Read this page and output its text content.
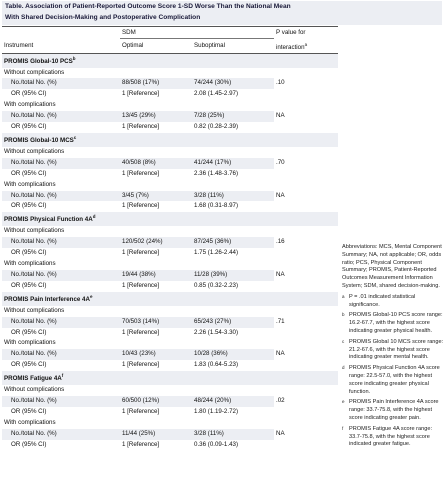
Table. Association of Patient-Reported Outcome Score 1-SD Worse Than the National Mean
With Shared Decision-Making and Postoperative Complication
	SDM		P value for
Instrument	Optimal	Suboptimal	interaction$^a$
PROMIS Global-10 PCS$^b$
Without complications			.10
No./total No. (%)	88/508 (17%)	74/244 (30%)	
OR (95% CI)	1 [Reference]	2.08 (1.45-2.97)	
With complications			NA
No./total No. (%)	13/45 (29%)	7/28 (25%)	
OR (95% CI)	1 [Reference]	0.82 (0.28-2.39)	
PROMIS Global-10 MCS$^c$
Without complications			.70
No./total No. (%)	40/508 (8%)	41/244 (17%)	
OR (95% CI)	1 [Reference]	2.36 (1.48-3.76)	
With complications			NA
No./total No. (%)	3/45 (7%)	3/28 (11%)	
OR (95% CI)	1 [Reference]	1.68 (0.31-8.97)	
PROMIS Physical Function $4A^d$
Without complications			.16
No./total No. (%)	120/502 (24%)	87/245 (36%)	
OR (95% CI)	1 [Reference]	1.75 (1.26-2.44)	
With complications			NA
No./total No. (%)	19/44 (38%)	11/28 (39%)	
OR (95% CI)	1 [Reference]	0.85 (0.32-2.23)	
PROMIS Pain Interference $4A^e$
Without complications			.71
No./total No. (%)	70/503 (14%)	65/243 (27%)	
OR (95% CI)	1 [Reference]	2.26 (1.54-3.30)	
With complications			NA
No./total No. (%)	10/43 (23%)	10/28 (36%)	
OR (95% CI)	1 [Reference]	1.83 (0.64-5.23)	
PROMIS Fatigue $4A^f$
Without complications			.02
No./total No. (%)	60/500 (12%)	48/244 (20%)	
OR (95% CI)	1 [Reference]	1.80 (1.19-2.72)	
With complications			NA
No./total No. (%)	11/44 (25%)	3/28 (11%)	
OR (95% CI)	1 [Reference]	0.36 (0.09-1.43)	

Abbreviations: MCS, Mental Component Summary; NA, not applicable; OR, odds ratio; PCS, Physical Component Summary; PROMIS, Patient-Reported Outcomes Measurement Information System; SDM, shared decision-making.

a P = .01 indicated statistical significance.

b PROMIS Global-10 PCS score range: 16.2-67.7, with the highest score indicating greater physical health.

c PROMIS Global 10 MCS score range: 21.2-67.6, with the highest score indicating greater mental health.

d PROMIS Physical Function 4A score range: 22.5-57.0, with the highest score indicating greater physical function.

e PROMIS Pain Interference 4A score range: 33.7-75.8, with the highest score indicating greater pain.

f PROMIS Fatigue 4A score range: 33.7-75.8, with the highest score indicated greater fatigue.
